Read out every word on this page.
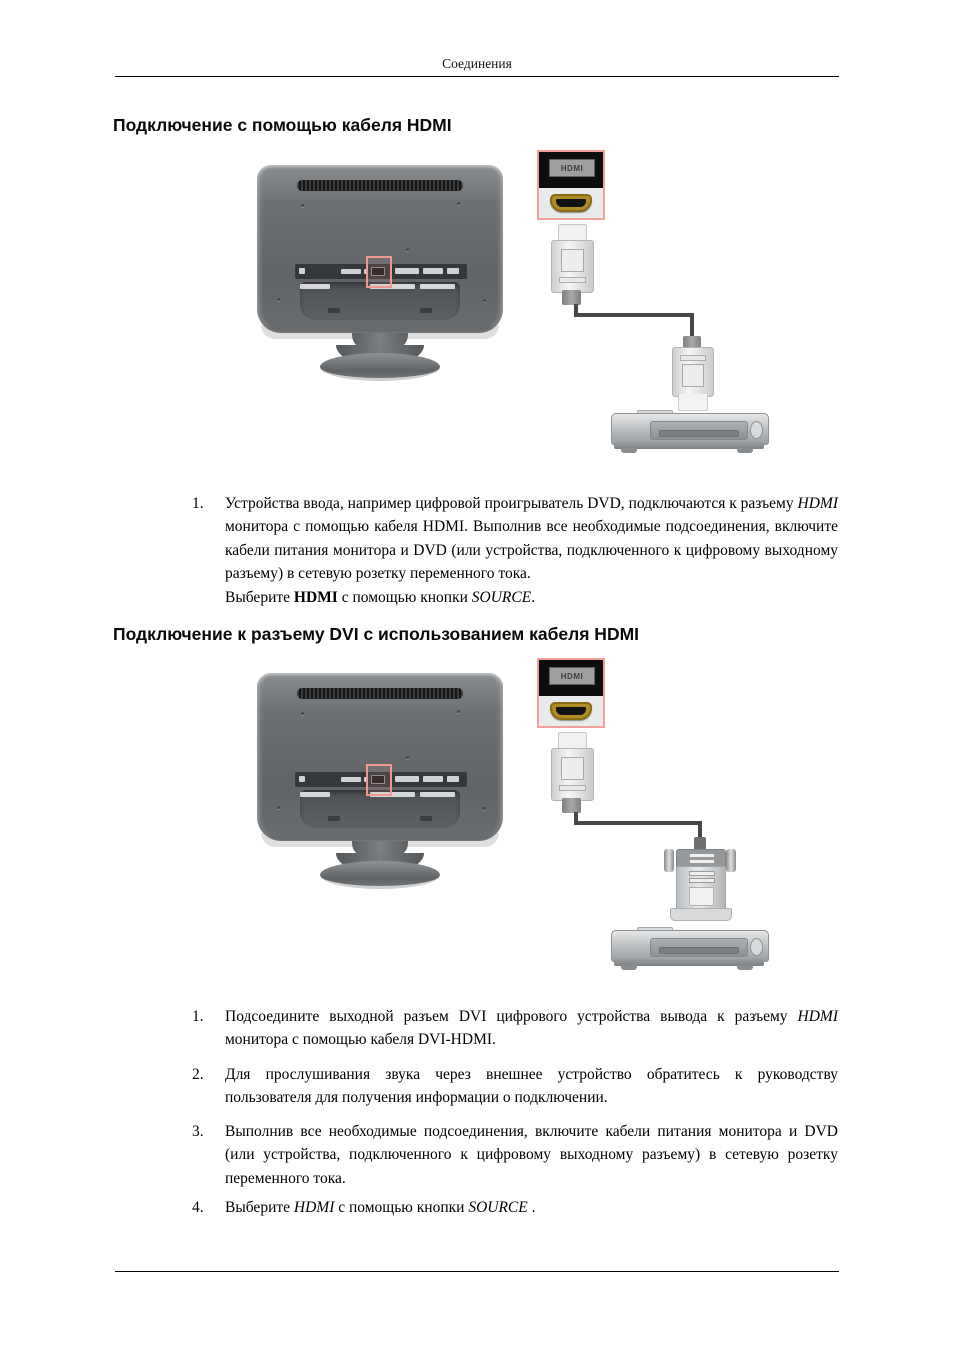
Соединения
Подключение с помощью кабеля HDMI
HDMI
1. Устройства ввода, например цифровой проигрыватель DVD, подключаются к разъему HDMI монитора с помощью кабеля HDMI. Выполнив все необходимые подсоединения, включите кабели питания монитора и DVD (или устройства, подключенного к цифровому выходному разъему) в сетевую розетку переменного тока.
Выберите HDMI с помощью кнопки SOURCE.
Подключение к разъему DVI с использованием кабеля HDMI
HDMI
1. Подсоедините выходной разъем DVI цифрового устройства вывода к разъему HDMI монитора с помощью кабеля DVI-HDMI.
2. Для прослушивания звука через внешнее устройство обратитесь к руководству пользователя для получения информации о подключении.
3. Выполнив все необходимые подсоединения, включите кабели питания монитора и DVD (или устройства, подключенного к цифровому выходному разъему) в сетевую розетку переменного тока.
4. Выберите HDMI с помощью кнопки SOURCE .
